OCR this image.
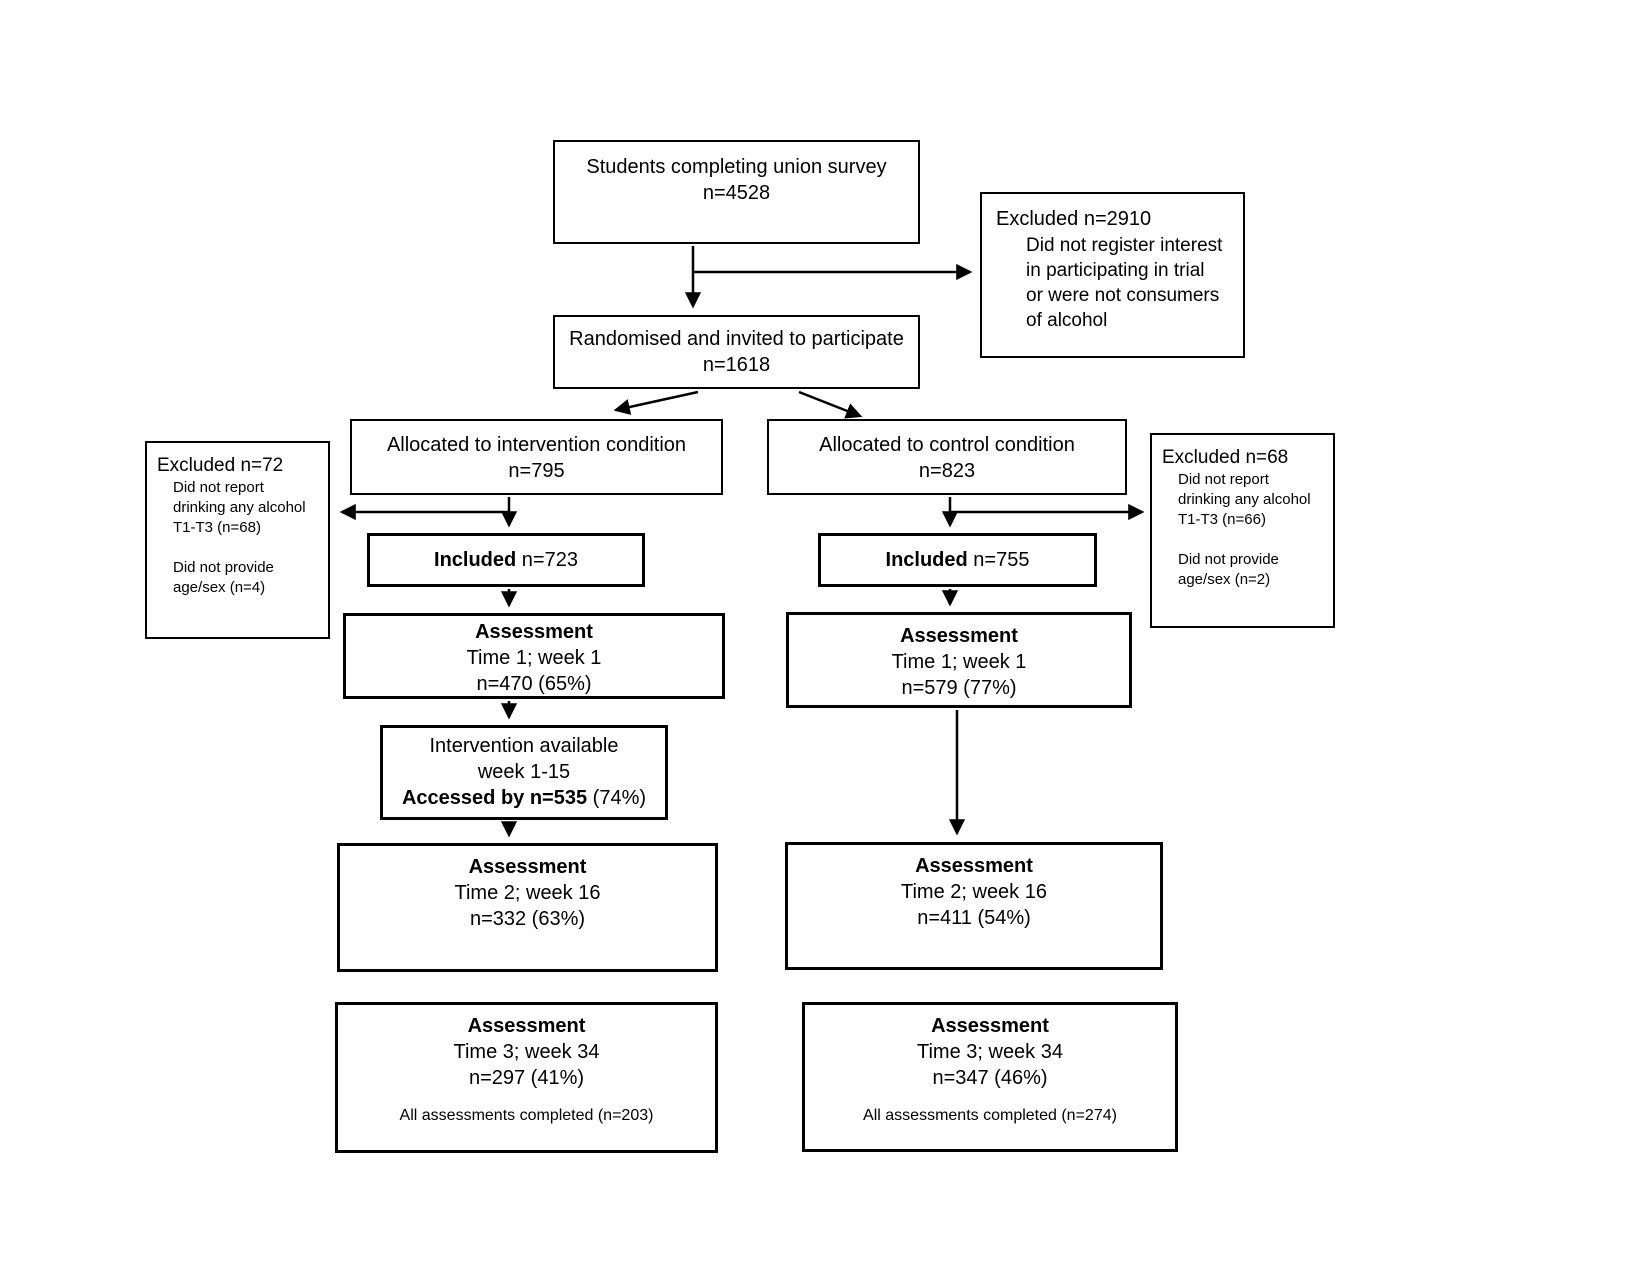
Students completing union survey
n=4528
Excluded n=2910
Did not register interest
in participating in trial
or were not consumers
of alcohol
Randomised and invited to participate
n=1618
Allocated to intervention condition
n=795
Allocated to control condition
n=823
Excluded n=72
Did not report
drinking any alcohol
T1-T3 (n=68)
Did not provide
age/sex (n=4)
Excluded n=68
Did not report
drinking any alcohol
T1-T3 (n=66)
Did not provide
age/sex (n=2)
Included n=723	Included n=755
Assessment
Time 1; week 1
n=470 (65%)
Assessment
Time 1; week 1
n=579 (77%)
Intervention available
week 1-15
Accessed by n=535 (74%)
Assessment
Time 2; week 16
n=332 (63%)
Assessment
Time 2; week 16
n=411 (54%)
Assessment
Time 3; week 34
n=297 (41%)
All assessments completed (n=203)
Assessment
Time 3; week 34
n=347 (46%)
All assessments completed (n=274)
